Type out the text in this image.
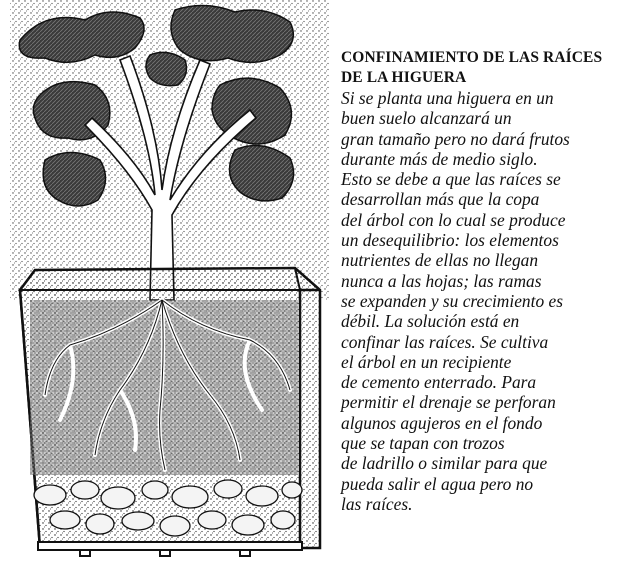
CONFINAMIENTO DE LAS RAÍCES
DE LA HIGUERA
Si se planta una higuera en un
buen suelo alcanzará un
gran tamaño pero no dará frutos
durante más de medio siglo.
Esto se debe a que las raíces se
desarrollan más que la copa
del árbol con lo cual se produce
un desequilibrio: los elementos
nutrientes de ellas no llegan
nunca a las hojas; las ramas
se expanden y su crecimiento es
débil. La solución está en
confinar las raíces. Se cultiva
el árbol en un recipiente
de cemento enterrado. Para
permitir el drenaje se perforan
algunos agujeros en el fondo
que se tapan con trozos
de ladrillo o similar para que
pueda salir el agua pero no
las raíces.
